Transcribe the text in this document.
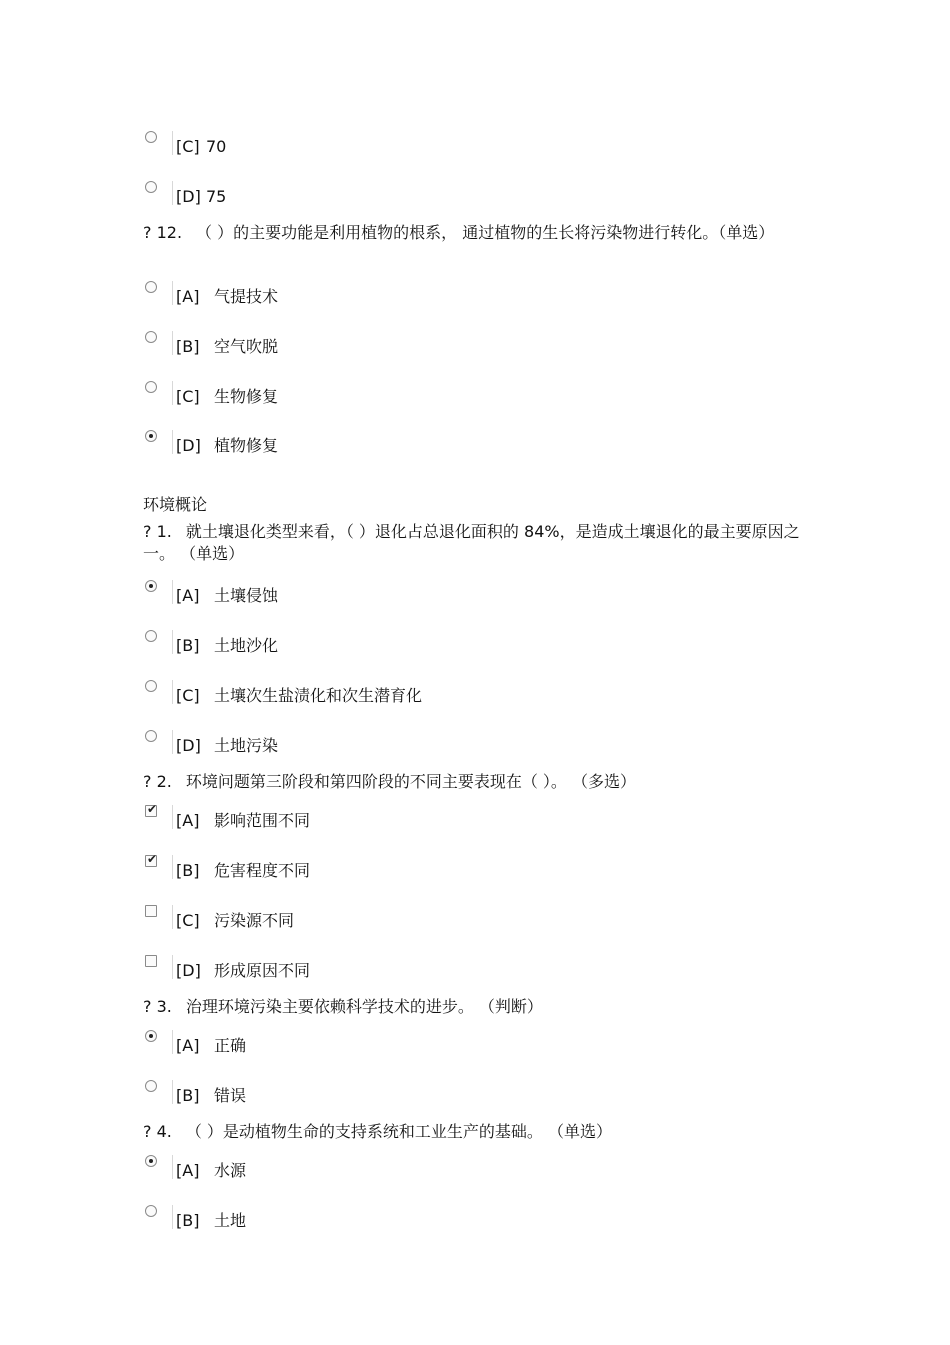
[C] 70
[D] 75
? 12. （ ）的主要功能是利用植物的根系， 通过植物的生长将污染物进行转化。（单选）
[A] 气提技术
[B] 空气吹脱
[C] 生物修复
[D] 植物修复
环境概论
? 1. 就土壤退化类型来看，（ ）退化占总退化面积的 84%，是造成土壤退化的最主要原因之一。 （单选）
[A] 土壤侵蚀
[B] 土地沙化
[C] 土壤次生盐渍化和次生潜育化
[D] 土地污染
? 2. 环境问题第三阶段和第四阶段的不同主要表现在（ ）。 （多选）
✔
[A] 影响范围不同
✔
[B] 危害程度不同
[C] 污染源不同
[D] 形成原因不同
? 3. 治理环境污染主要依赖科学技术的进步。 （判断）
[A] 正确
[B] 错误
? 4. （ ）是动植物生命的支持系统和工业生产的基础。 （单选）
[A] 水源
[B] 土地
